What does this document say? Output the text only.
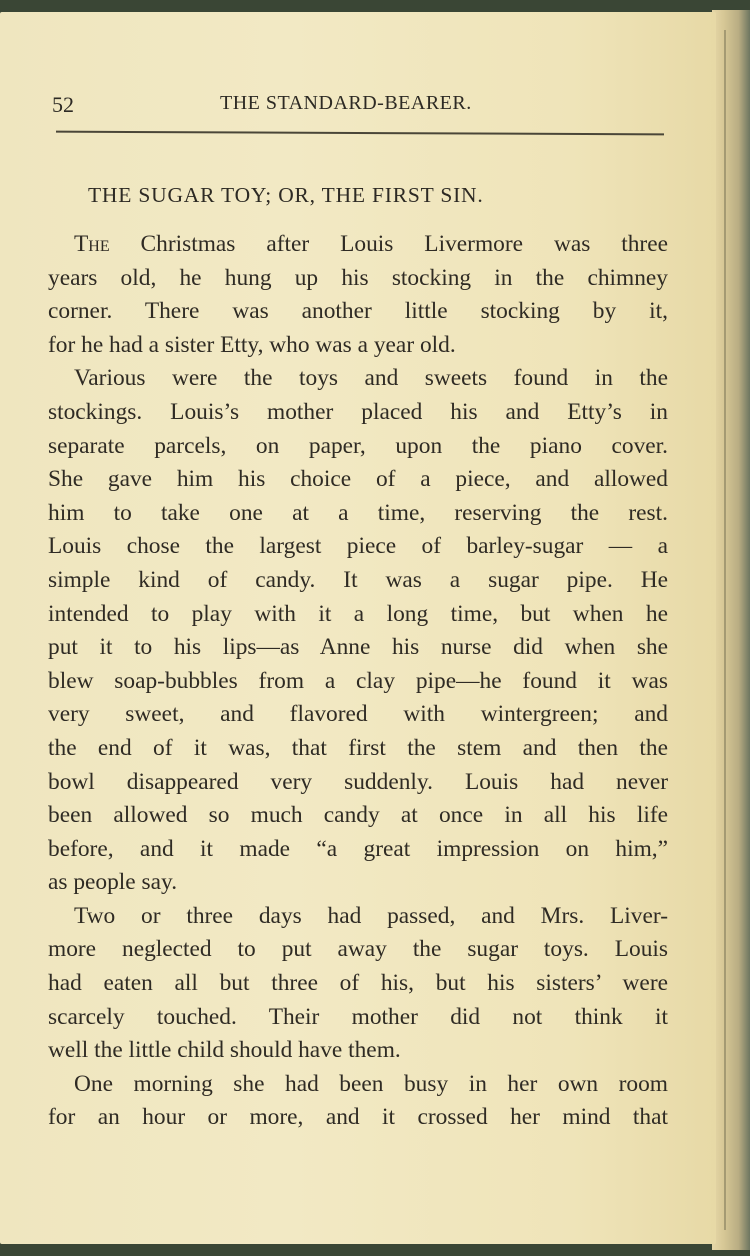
52	THE STANDARD-BEARER.
THE SUGAR TOY; OR, THE FIRST SIN.
The Christmas after Louis Livermore was three
years old, he hung up his stocking in the chimney
corner. There was another little stocking by it,
for he had a sister Etty, who was a year old.
Various were the toys and sweets found in the
stockings. Louis’s mother placed his and Etty’s in
separate parcels, on paper, upon the piano cover.
She gave him his choice of a piece, and allowed
him to take one at a time, reserving the rest.
Louis chose the largest piece of barley-sugar — a
simple kind of candy. It was a sugar pipe. He
intended to play with it a long time, but when he
put it to his lips—as Anne his nurse did when she
blew soap-bubbles from a clay pipe—he found it was
very sweet, and flavored with wintergreen; and
the end of it was, that first the stem and then the
bowl disappeared very suddenly. Louis had never
been allowed so much candy at once in all his life
before, and it made “a great impression on him,”
as people say.
Two or three days had passed, and Mrs. Liver-
more neglected to put away the sugar toys. Louis
had eaten all but three of his, but his sisters’ were
scarcely touched. Their mother did not think it
well the little child should have them.
One morning she had been busy in her own room
for an hour or more, and it crossed her mind that
